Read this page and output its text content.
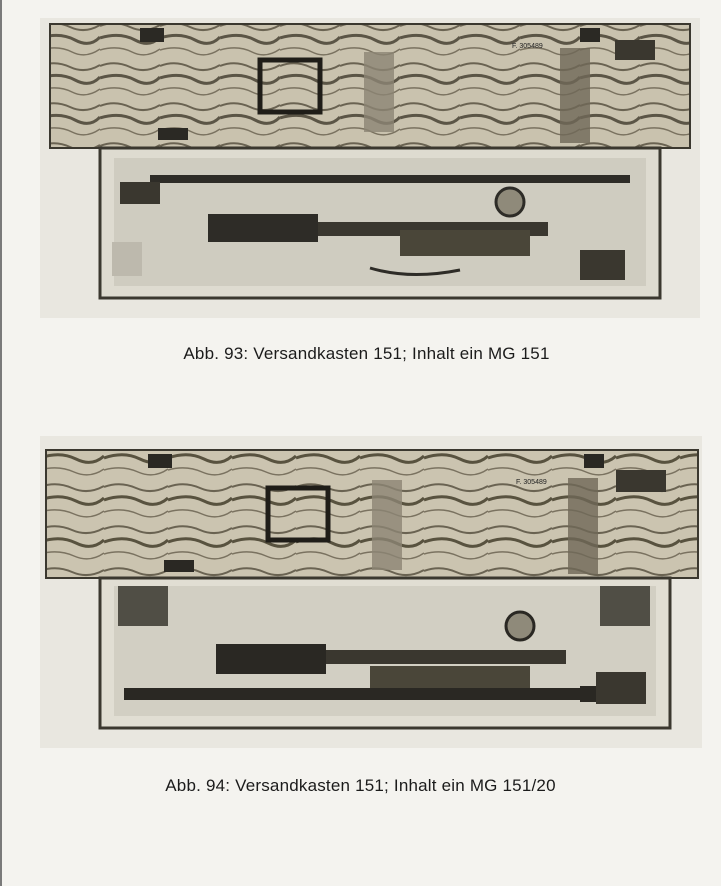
F. 305489
Abb. 93: Versandkasten 151; Inhalt ein MG 151
F. 305489
Abb. 94: Versandkasten 151; Inhalt ein MG 151/20
